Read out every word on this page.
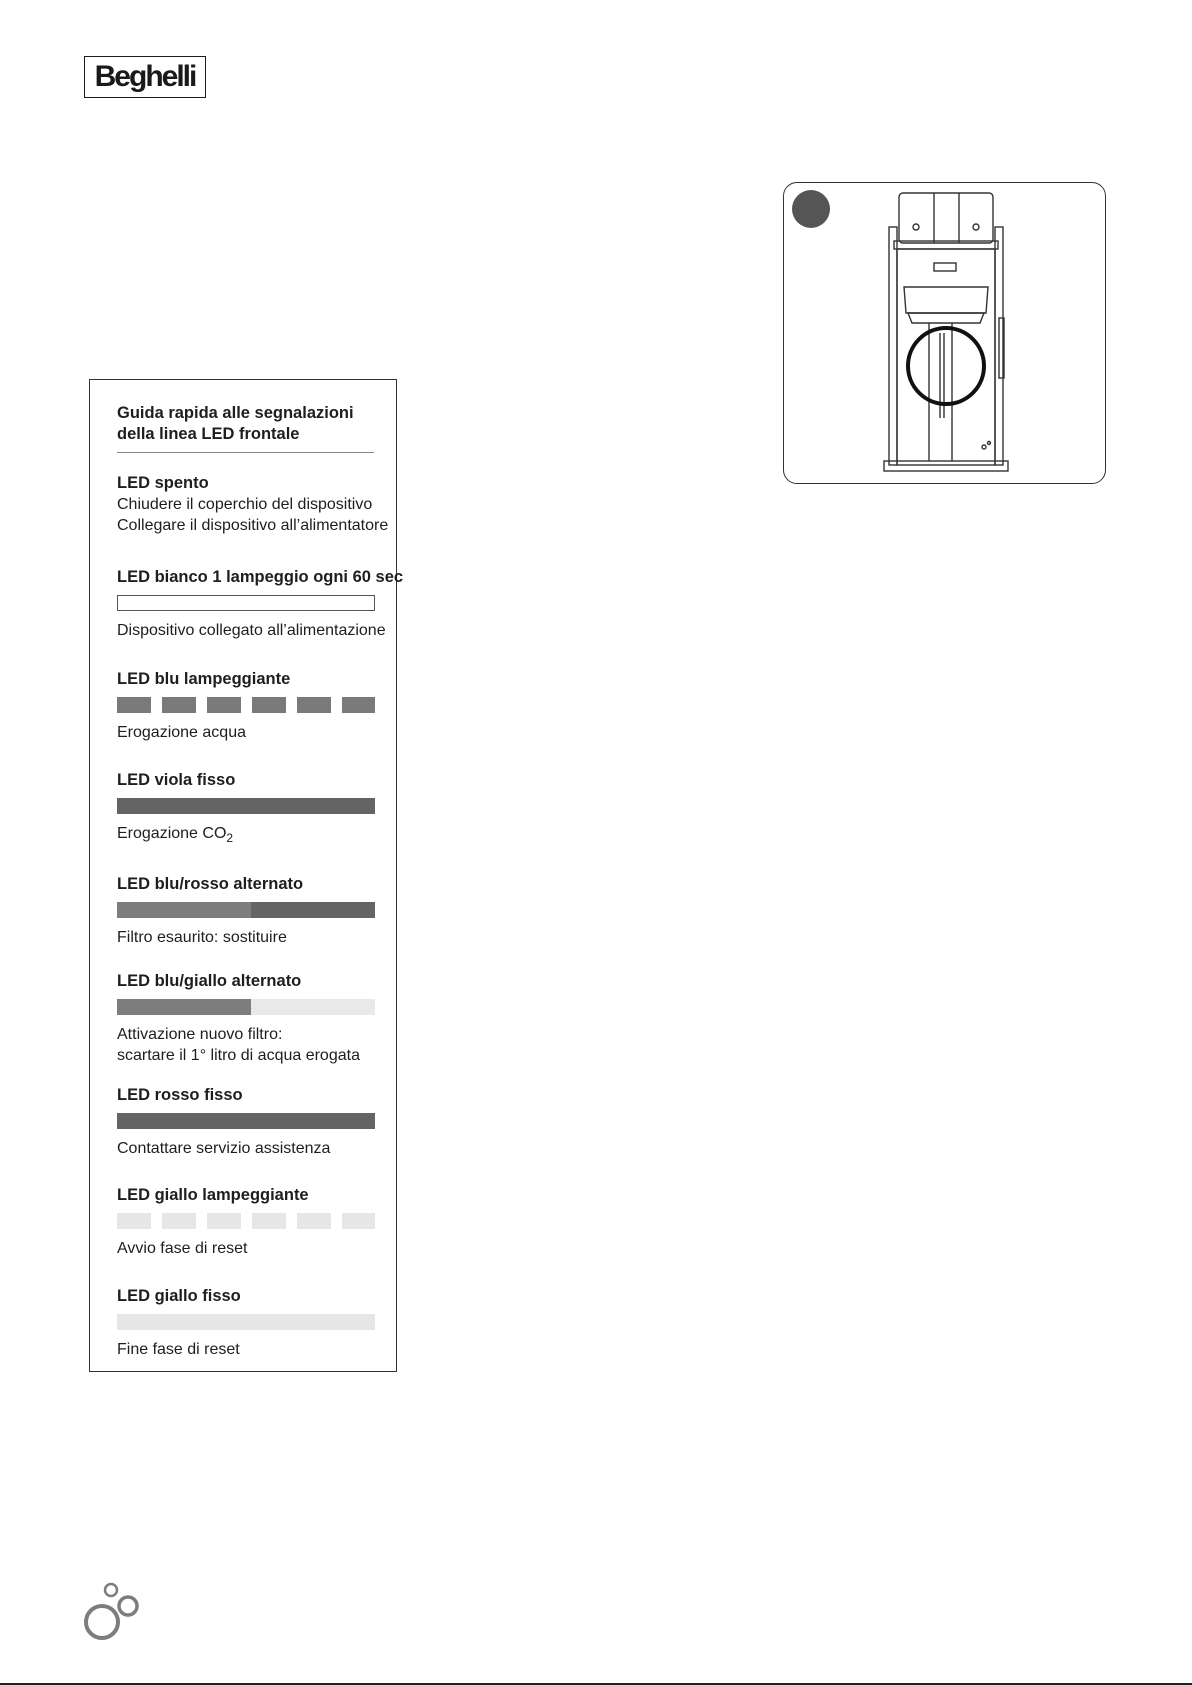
Beghelli
Guida rapida alle segnalazioni
della linea LED frontale
LED spento
Chiudere il coperchio del dispositivo
Collegare il dispositivo all’alimentatore
LED bianco 1 lampeggio ogni 60 sec
Dispositivo collegato all’alimentazione
LED blu lampeggiante
Erogazione acqua
LED viola fisso
Erogazione $CO_2$
LED blu/rosso alternato
Filtro esaurito: sostituire
LED blu/giallo alternato
Attivazione nuovo filtro:
scartare il 1° litro di acqua erogata
LED rosso fisso
Contattare servizio assistenza
LED giallo lampeggiante
Avvio fase di reset
LED giallo fisso
Fine fase di reset
